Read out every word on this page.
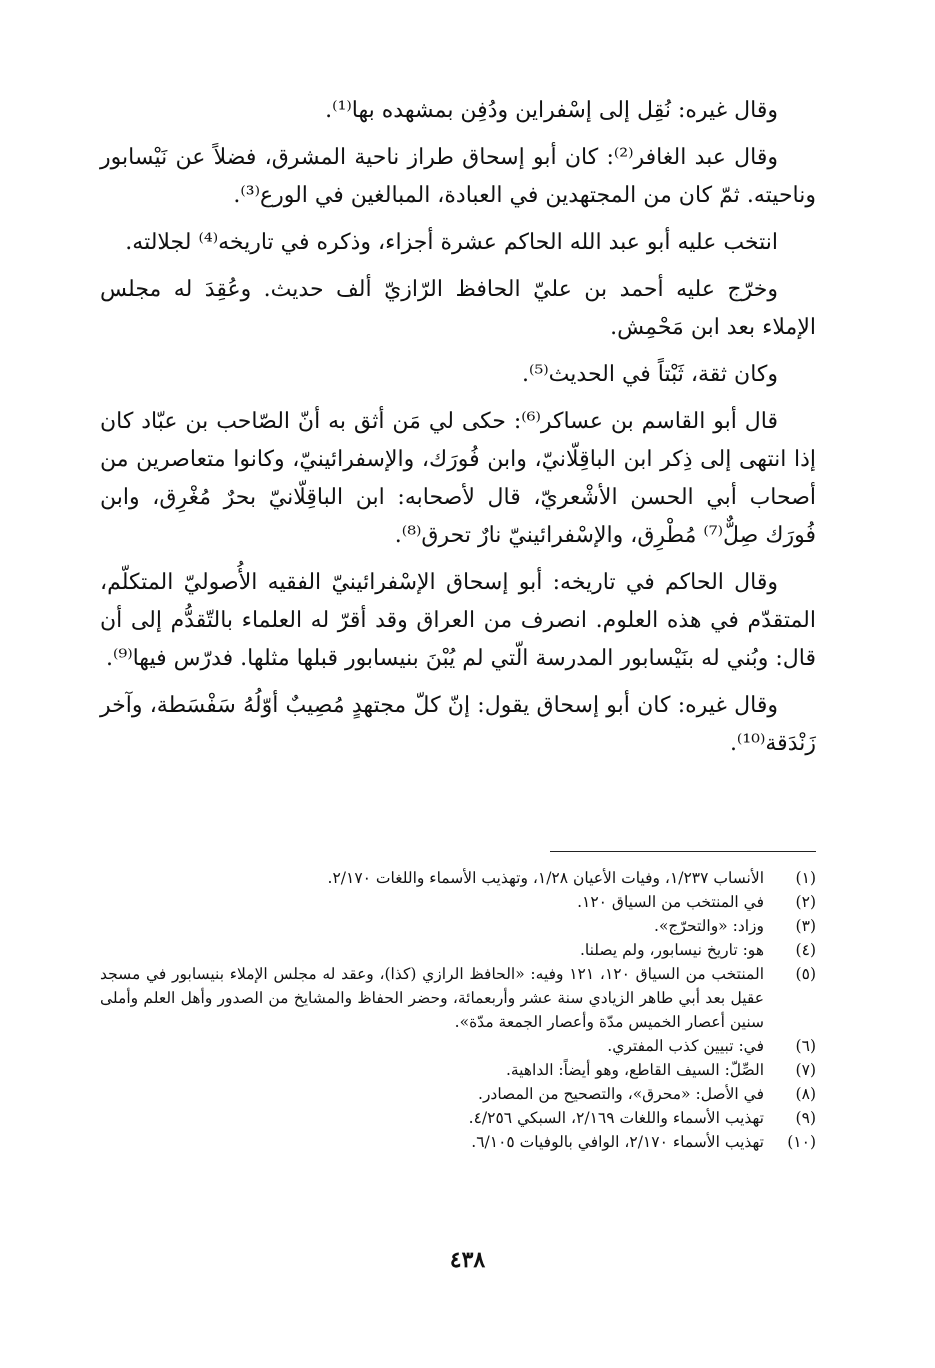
وقال غيره: نُقِل إلى إسْفراين ودُفِن بمشهده بها⁽¹⁾.

وقال عبد الغافر⁽²⁾: كان أبو إسحاق طراز ناحية المشرق، فضلاً عن نَيْسابور وناحيته. ثمّ كان من المجتهدين في العبادة، المبالغين في الورع⁽³⁾.

انتخب عليه أبو عبد الله الحاكم عشرة أجزاء، وذكره في تاريخه⁽⁴⁾ لجلالته.

وخرّج عليه أحمد بن عليّ الحافظ الرّازيّ ألف حديث. وعُقِدَ له مجلس الإملاء بعد ابن مَحْمِش.

وكان ثقة، ثَبْتاً في الحديث⁽⁵⁾.

قال أبو القاسم بن عساكر⁽⁶⁾: حكى لي مَن أثق به أنّ الصّاحب بن عبّاد كان إذا انتهى إلى ذِكر ابن الباقِلّانيّ، وابن فُورَك، والإسفرائينيّ، وكانوا متعاصرين من أصحاب أبي الحسن الأشْعريّ، قال لأصحابه: ابن الباقِلّانيّ بحرٌ مُغْرِق، وابن فُورَك صِلٌّ⁽⁷⁾ مُطْرِق، والإسْفرائينيّ نارٌ تحرق⁽⁸⁾.

وقال الحاكم في تاريخه: أبو إسحاق الإسْفرائينيّ الفقيه الأُصوليّ المتكلّم، المتقدّم في هذه العلوم. انصرف من العراق وقد أقرّ له العلماء بالتّقدُّم إلى أن قال: وبُني له بنَيْسابور المدرسة الّتي لم يُبْنَ بنيسابور قبلها مثلها. فدرّس فيها⁽⁹⁾.

وقال غيره: كان أبو إسحاق يقول: إنّ كلّ مجتهدٍ مُصِيبٌ أوّلُهُ سَفْسَطة، وآخر زَنْدَقة⁽¹⁰⁾.

(١)
الأنساب ١/٢٣٧، وفيات الأعيان ١/٢٨، وتهذيب الأسماء واللغات ٢/١٧٠.
(٢)
في المنتخب من السياق ١٢٠.
(٣)
وزاد: «والتحرّج».
(٤)
هو: تاريخ نيسابور، ولم يصلنا.
(٥)
المنتخب من السياق ١٢٠، ١٢١ وفيه: «الحافظ الرازي (كذا)، وعقد له مجلس الإملاء بنيسابور في مسجد عقيل بعد أبي طاهر الزيادي سنة عشر وأربعمائة، وحضر الحفاظ والمشايخ من الصدور وأهل العلم وأملى سنين أعصار الخميس مدّة وأعصار الجمعة مدّة».
(٦)
في: تبيين كذب المفتري.
(٧)
الصِّلّ: السيف القاطع، وهو أيضاً: الداهية.
(٨)
في الأصل: «محرق»، والتصحيح من المصادر.
(٩)
تهذيب الأسماء واللغات ٢/١٦٩، السبكي ٤/٢٥٦.
(١٠)
تهذيب الأسماء ٢/١٧٠، الوافي بالوفيات ٦/١٠٥.
٤٣٨
